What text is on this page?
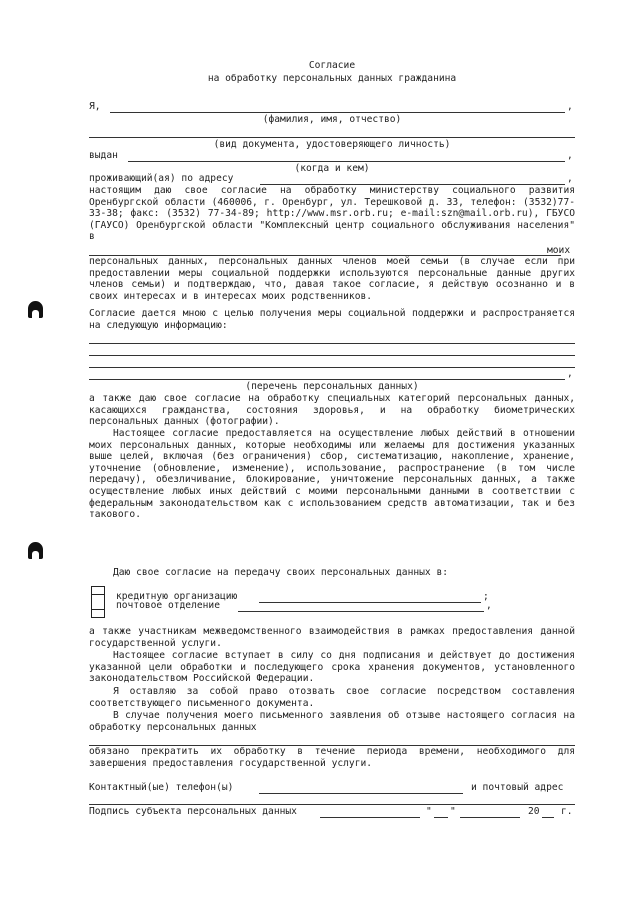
Согласие
на обработку персональных данных гражданина
Я,	,
(фамилия, имя, отчество)
(вид документа, удостоверяющего личность)
выдан	,
(когда и кем)
проживающий(ая) по адресу	,
настоящим даю свое согласие на обработку министерству социального развития Оренбургской области (460006, г. Оренбург, ул. Терешковой д. 33, телефон: (3532)77-33-38; факс: (3532) 77-34-89; http://www.msr.orb.ru; e-mail:szn@mail.orb.ru), ГБУСО (ГАУСО) Оренбургской области "Комплексный центр социального обслуживания населения" в
моих
персональных данных, персональных данных членов моей семьи (в случае если при предоставлении меры социальной поддержки используются персональные данные других членов семьи) и подтверждаю, что, давая такое согласие, я действую осознанно и в своих интересах и в интересах моих родственников.
Согласие дается мною с целью получения меры социальной поддержки и распространяется на следующую информацию:
,
(перечень персональных данных)
а также даю свое согласие на обработку специальных категорий персональных данных, касающихся гражданства, состояния здоровья, и на обработку биометрических персональных данных (фотографии).
Настоящее согласие предоставляется на осуществление любых действий в отношении моих персональных данных, которые необходимы или желаемы для достижения указанных выше целей, включая (без ограничения) сбор, систематизацию, накопление, хранение, уточнение (обновление, изменение), использование, распространение (в том числе передачу), обезличивание, блокирование, уничтожение персональных данных, а также осуществление любых иных действий с моими персональными данными в соответствии с федеральным законодательством как с использованием средств автоматизации, так и без такового.
Даю свое согласие на передачу своих персональных данных в:
кредитную организацию	;
почтовое отделение	,
а также участникам межведомственного взаимодействия в рамках предоставления данной государственной услуги.
Настоящее согласие вступает в силу со дня подписания и действует до достижения указанной цели обработки и последующего срока хранения документов, установленного законодательством Российской Федерации.
Я оставляю за собой право отозвать свое согласие посредством составления соответствующего письменного документа.
В случае получения моего письменного заявления об отзыве настоящего согласия на обработку персональных данных
обязано прекратить их обработку в течение периода времени, необходимого для завершения предоставления государственной услуги.
Контактный(ые) телефон(ы)	и почтовый адрес
Подпись субъекта персональных данных	" "	20 г.
